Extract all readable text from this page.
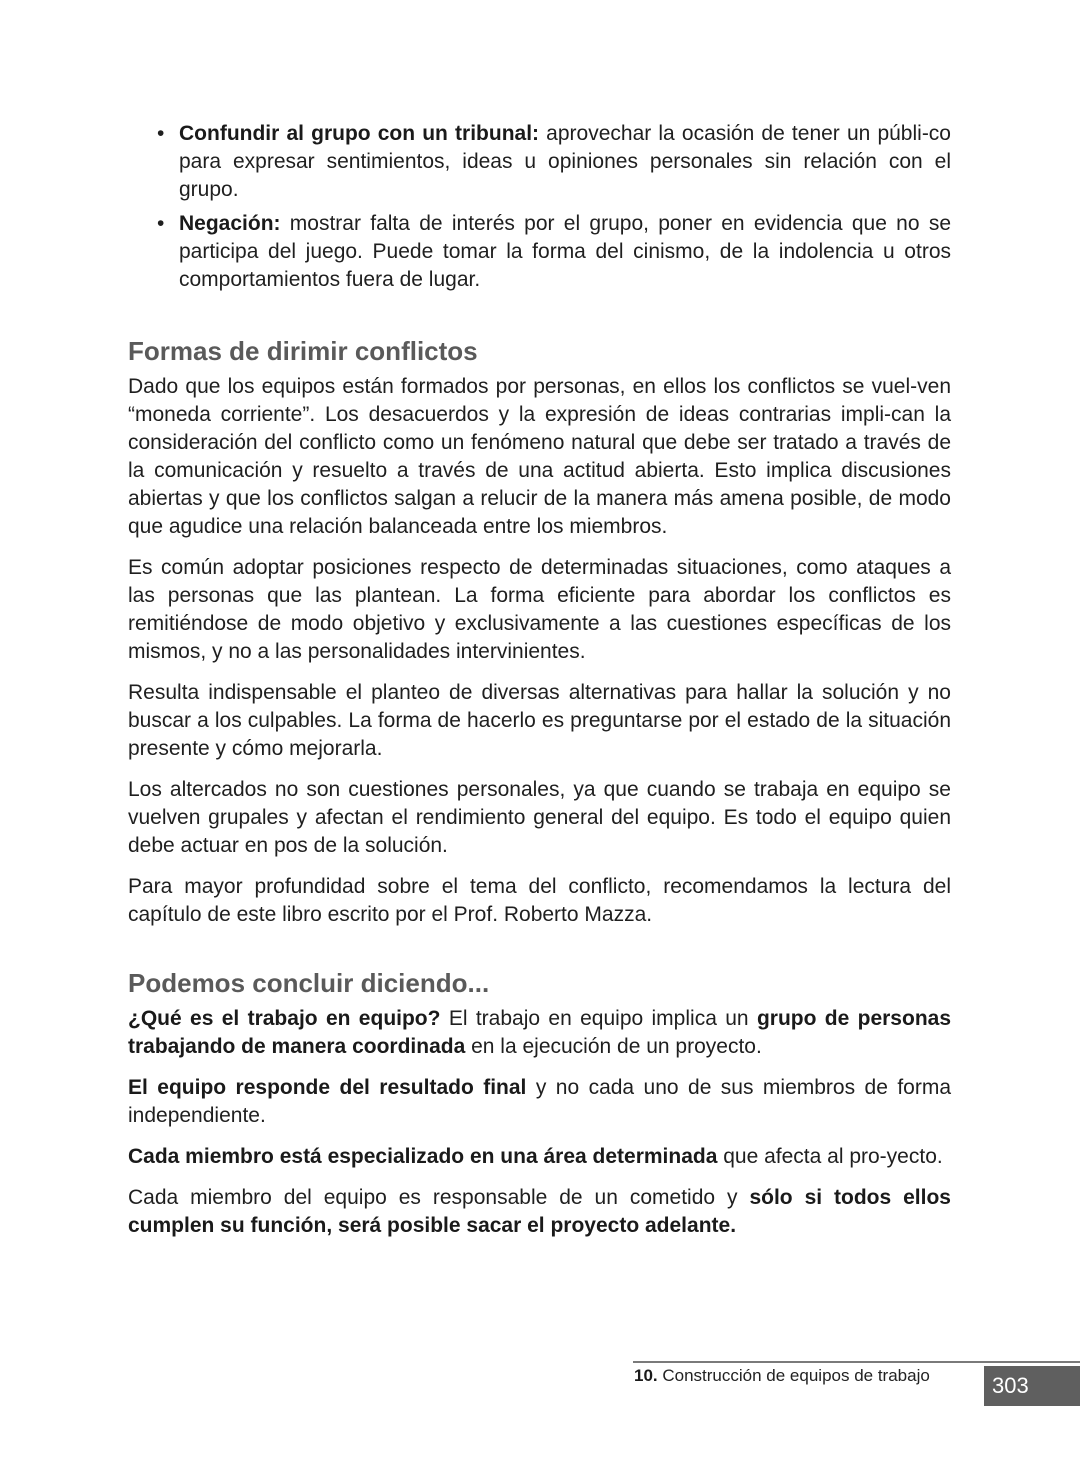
• Confundir al grupo con un tribunal: aprovechar la ocasión de tener un públi-co para expresar sentimientos, ideas u opiniones personales sin relación con el grupo.
• Negación: mostrar falta de interés por el grupo, poner en evidencia que no se participa del juego. Puede tomar la forma del cinismo, de la indolencia u otros comportamientos fuera de lugar.
Formas de dirimir conflictos

Dado que los equipos están formados por personas, en ellos los conflictos se vuel-ven “moneda corriente”. Los desacuerdos y la expresión de ideas contrarias impli-can la consideración del conflicto como un fenómeno natural que debe ser tratado a través de la comunicación y resuelto a través de una actitud abierta. Esto implica discusiones abiertas y que los conflictos salgan a relucir de la manera más amena posible, de modo que agudice una relación balanceada entre los miembros.

Es común adoptar posiciones respecto de determinadas situaciones, como ataques a las personas que las plantean. La forma eficiente para abordar los conflictos es remitiéndose de modo objetivo y exclusivamente a las cuestiones específicas de los mismos, y no a las personalidades intervinientes.

Resulta indispensable el planteo de diversas alternativas para hallar la solución y no buscar a los culpables. La forma de hacerlo es preguntarse por el estado de la situación presente y cómo mejorarla.

Los altercados no son cuestiones personales, ya que cuando se trabaja en equipo se vuelven grupales y afectan el rendimiento general del equipo. Es todo el equipo quien debe actuar en pos de la solución.

Para mayor profundidad sobre el tema del conflicto, recomendamos la lectura del capítulo de este libro escrito por el Prof. Roberto Mazza.

Podemos concluir diciendo...

¿Qué es el trabajo en equipo? El trabajo en equipo implica un grupo de personas trabajando de manera coordinada en la ejecución de un proyecto.

El equipo responde del resultado final y no cada uno de sus miembros de forma independiente.

Cada miembro está especializado en una área determinada que afecta al pro-yecto.

Cada miembro del equipo es responsable de un cometido y sólo si todos ellos cumplen su función, será posible sacar el proyecto adelante.

10. Construcción de equipos de trabajo	303
